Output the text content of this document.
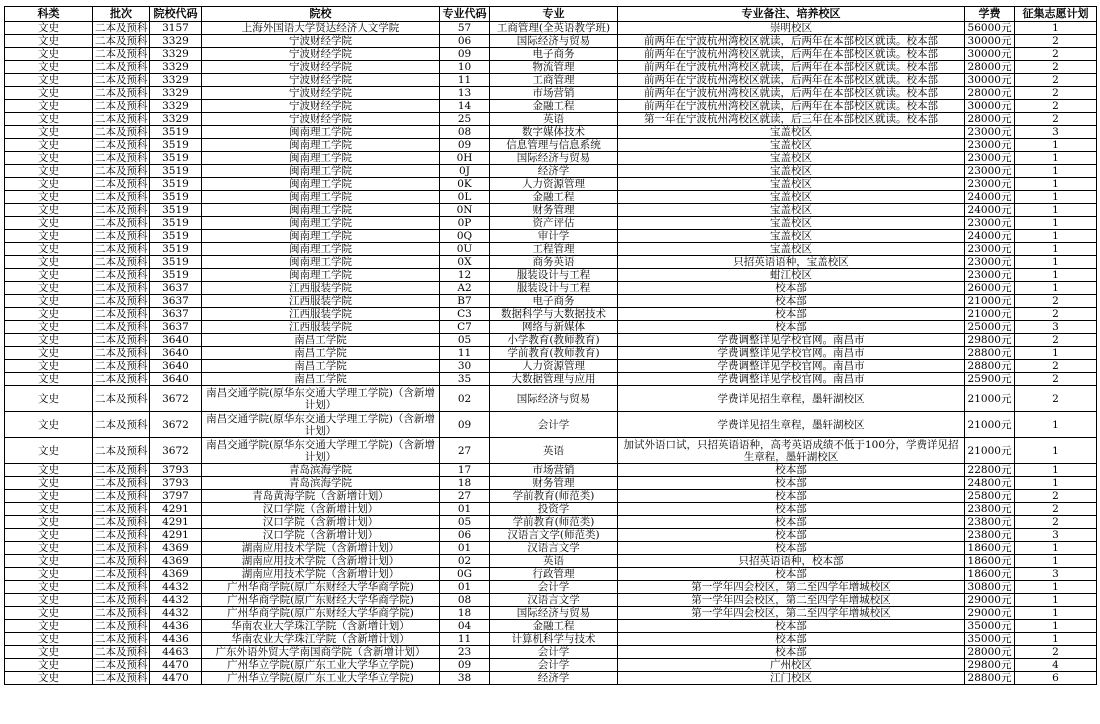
科类	批次	院校代码	院校	专业代码	专业	专业备注、培养校区	学费	征集志愿计划
文史	二本及预科	3157	上海外国语大学贤达经济人文学院	57	工商管理(全英语教学班)	崇明校区	56000元	1
文史	二本及预科	3329	宁波财经学院	06	国际经济与贸易	前两年在宁波杭州湾校区就读，后两年在本部校区就读。校本部	30000元	2
文史	二本及预科	3329	宁波财经学院	09	电子商务	前两年在宁波杭州湾校区就读，后两年在本部校区就读。校本部	30000元	2
文史	二本及预科	3329	宁波财经学院	10	物流管理	前两年在宁波杭州湾校区就读，后两年在本部校区就读。校本部	28000元	2
文史	二本及预科	3329	宁波财经学院	11	工商管理	前两年在宁波杭州湾校区就读，后两年在本部校区就读。校本部	30000元	2
文史	二本及预科	3329	宁波财经学院	13	市场营销	前两年在宁波杭州湾校区就读，后两年在本部校区就读。校本部	28000元	2
文史	二本及预科	3329	宁波财经学院	14	金融工程	前两年在宁波杭州湾校区就读，后两年在本部校区就读。校本部	30000元	2
文史	二本及预科	3329	宁波财经学院	25	英语	第一年在宁波杭州湾校区就读，后三年在本部校区就读。校本部	28000元	2
文史	二本及预科	3519	闽南理工学院	08	数字媒体技术	宝盖校区	23000元	3
文史	二本及预科	3519	闽南理工学院	09	信息管理与信息系统	宝盖校区	23000元	1
文史	二本及预科	3519	闽南理工学院	0H	国际经济与贸易	宝盖校区	23000元	1
文史	二本及预科	3519	闽南理工学院	0J	经济学	宝盖校区	23000元	1
文史	二本及预科	3519	闽南理工学院	0K	人力资源管理	宝盖校区	23000元	1
文史	二本及预科	3519	闽南理工学院	0L	金融工程	宝盖校区	24000元	1
文史	二本及预科	3519	闽南理工学院	0N	财务管理	宝盖校区	24000元	1
文史	二本及预科	3519	闽南理工学院	0P	资产评估	宝盖校区	23000元	1
文史	二本及预科	3519	闽南理工学院	0Q	审计学	宝盖校区	24000元	1
文史	二本及预科	3519	闽南理工学院	0U	工程管理	宝盖校区	23000元	1
文史	二本及预科	3519	闽南理工学院	0X	商务英语	只招英语语种，宝盖校区	23000元	1
文史	二本及预科	3519	闽南理工学院	12	服装设计与工程	蚶江校区	23000元	1
文史	二本及预科	3637	江西服装学院	A2	服装设计与工程	校本部	26000元	1
文史	二本及预科	3637	江西服装学院	B7	电子商务	校本部	21000元	2
文史	二本及预科	3637	江西服装学院	C3	数据科学与大数据技术	校本部	21000元	2
文史	二本及预科	3637	江西服装学院	C7	网络与新媒体	校本部	25000元	3
文史	二本及预科	3640	南昌工学院	05	小学教育(教师教育)	学费调整详见学校官网。南昌市	29800元	2
文史	二本及预科	3640	南昌工学院	11	学前教育(教师教育)	学费调整详见学校官网。南昌市	28800元	1
文史	二本及预科	3640	南昌工学院	30	人力资源管理	学费调整详见学校官网。南昌市	28800元	2
文史	二本及预科	3640	南昌工学院	35	大数据管理与应用	学费调整详见学校官网。南昌市	25900元	2
文史	二本及预科	3672	南昌交通学院(原华东交通大学理工学院)（含新增计划）	02	国际经济与贸易	学费详见招生章程，墨轩湖校区	21000元	2
文史	二本及预科	3672	南昌交通学院(原华东交通大学理工学院)（含新增计划）	09	会计学	学费详见招生章程，墨轩湖校区	21000元	1
文史	二本及预科	3672	南昌交通学院(原华东交通大学理工学院)（含新增计划）	27	英语	加试外语口试，只招英语语种，高考英语成绩不低于100分，学费详见招生章程，墨轩湖校区	21000元	1
文史	二本及预科	3793	青岛滨海学院	17	市场营销	校本部	22800元	1
文史	二本及预科	3793	青岛滨海学院	18	财务管理	校本部	24800元	1
文史	二本及预科	3797	青岛黄海学院（含新增计划）	27	学前教育(师范类)	校本部	25800元	2
文史	二本及预科	4291	汉口学院（含新增计划）	01	投资学	校本部	23800元	2
文史	二本及预科	4291	汉口学院（含新增计划）	05	学前教育(师范类)	校本部	23800元	2
文史	二本及预科	4291	汉口学院（含新增计划）	06	汉语言文学(师范类)	校本部	23800元	3
文史	二本及预科	4369	湖南应用技术学院（含新增计划）	01	汉语言文学	校本部	18600元	1
文史	二本及预科	4369	湖南应用技术学院（含新增计划）	02	英语	只招英语语种，校本部	18600元	1
文史	二本及预科	4369	湖南应用技术学院（含新增计划）	0G	行政管理	校本部	18600元	3
文史	二本及预科	4432	广州华商学院(原广东财经大学华商学院)	01	会计学	第一学年四会校区，第二至四学年增城校区	30800元	1
文史	二本及预科	4432	广州华商学院(原广东财经大学华商学院)	08	汉语言文学	第一学年四会校区，第二至四学年增城校区	29000元	1
文史	二本及预科	4432	广州华商学院(原广东财经大学华商学院)	18	国际经济与贸易	第一学年四会校区，第二至四学年增城校区	29000元	1
文史	二本及预科	4436	华南农业大学珠江学院（含新增计划）	04	金融工程	校本部	35000元	1
文史	二本及预科	4436	华南农业大学珠江学院（含新增计划）	11	计算机科学与技术	校本部	35000元	1
文史	二本及预科	4463	广东外语外贸大学南国商学院（含新增计划）	23	会计学	校本部	28000元	2
文史	二本及预科	4470	广州华立学院(原广东工业大学华立学院)	09	会计学	广州校区	29800元	4
文史	二本及预科	4470	广州华立学院(原广东工业大学华立学院)	38	经济学	江门校区	28800元	6
